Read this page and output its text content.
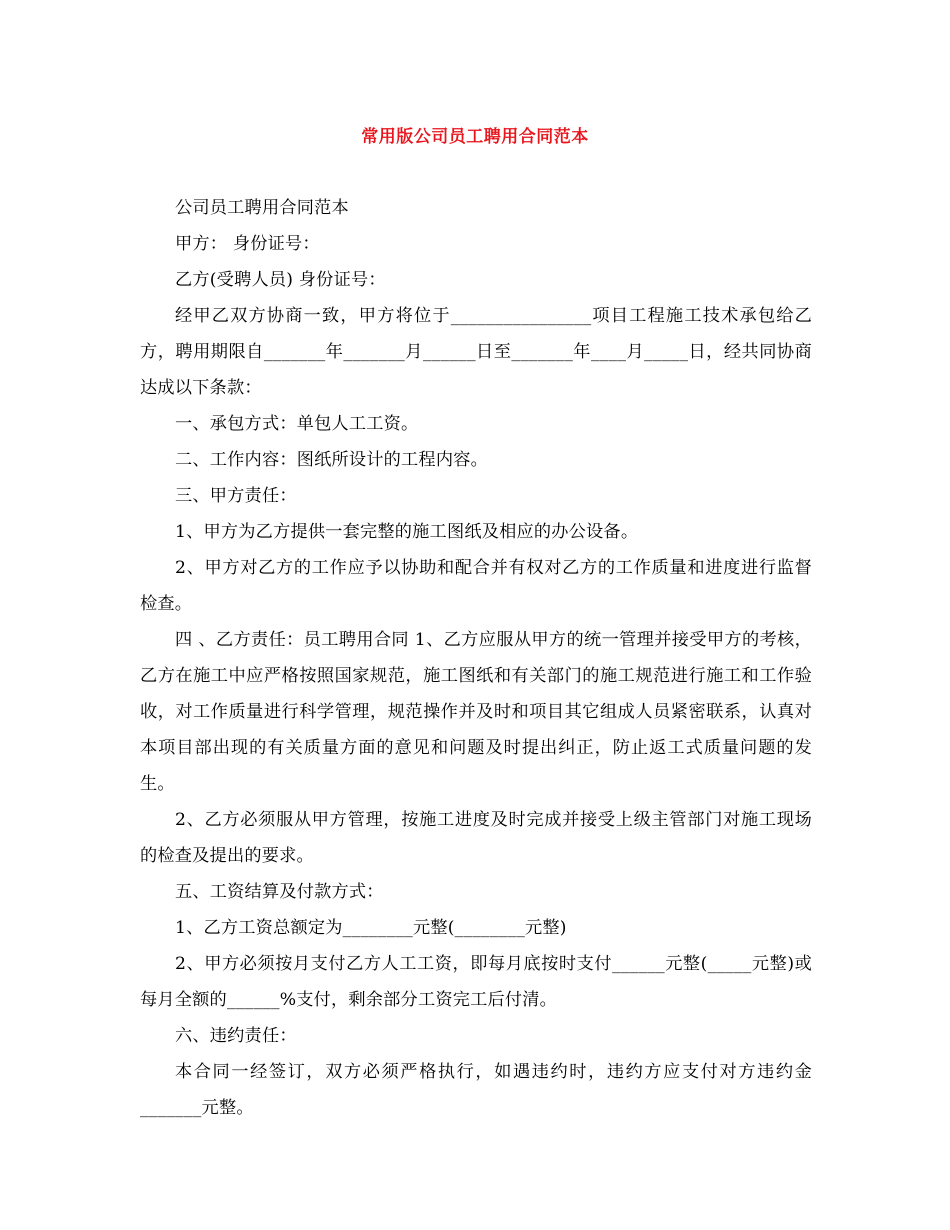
常用版公司员工聘用合同范本

公司员工聘用合同范本

甲方： 身份证号：

乙方(受聘人员) 身份证号：

经甲乙双方协商一致，甲方将位于________________项目工程施工技术承包给乙方，聘用期限自_______年_______月______日至_______年____月_____日，经共同协商达成以下条款：

一、承包方式：单包人工工资。

二、工作内容：图纸所设计的工程内容。

三、甲方责任：

1、甲方为乙方提供一套完整的施工图纸及相应的办公设备。

2、甲方对乙方的工作应予以协助和配合并有权对乙方的工作质量和进度进行监督检查。

四 、乙方责任：员工聘用合同 1、乙方应服从甲方的统一管理并接受甲方的考核，乙方在施工中应严格按照国家规范，施工图纸和有关部门的施工规范进行施工和工作验收，对工作质量进行科学管理，规范操作并及时和项目其它组成人员紧密联系，认真对本项目部出现的有关质量方面的意见和问题及时提出纠正，防止返工式质量问题的发生。

2、乙方必须服从甲方管理，按施工进度及时完成并接受上级主管部门对施工现场的检查及提出的要求。

五、工资结算及付款方式：

1、乙方工资总额定为________元整(________元整)

2、甲方必须按月支付乙方人工工资，即每月底按时支付______元整(_____元整)或每月全额的______%支付，剩余部分工资完工后付清。

六、违约责任：

本合同一经签订，双方必须严格执行，如遇违约时，违约方应支付对方违约金_______元整。
